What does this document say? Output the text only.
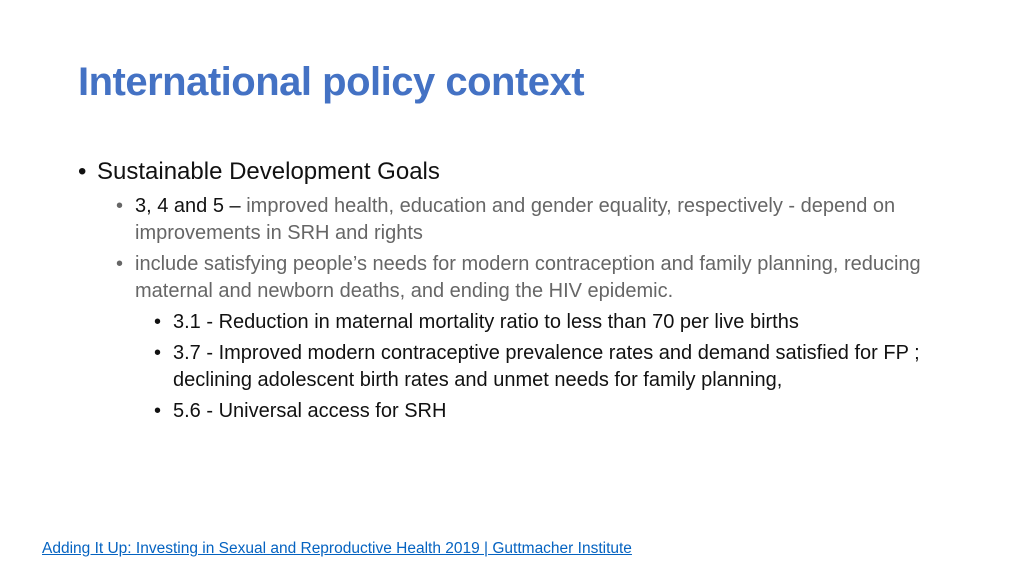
International policy context
• Sustainable Development Goals
• 3, 4 and 5 – improved health, education and gender equality, respectively - depend on improvements in SRH and rights
• include satisfying people’s needs for modern contraception and family planning, reducing maternal and newborn deaths, and ending the HIV epidemic.
• 3.1 - Reduction in maternal mortality ratio to less than 70 per live births
• 3.7 - Improved modern contraceptive prevalence rates and demand satisfied for FP ; declining adolescent birth rates and unmet needs for family planning,
• 5.6 - Universal access for SRH
Adding It Up: Investing in Sexual and Reproductive Health 2019 | Guttmacher Institute
